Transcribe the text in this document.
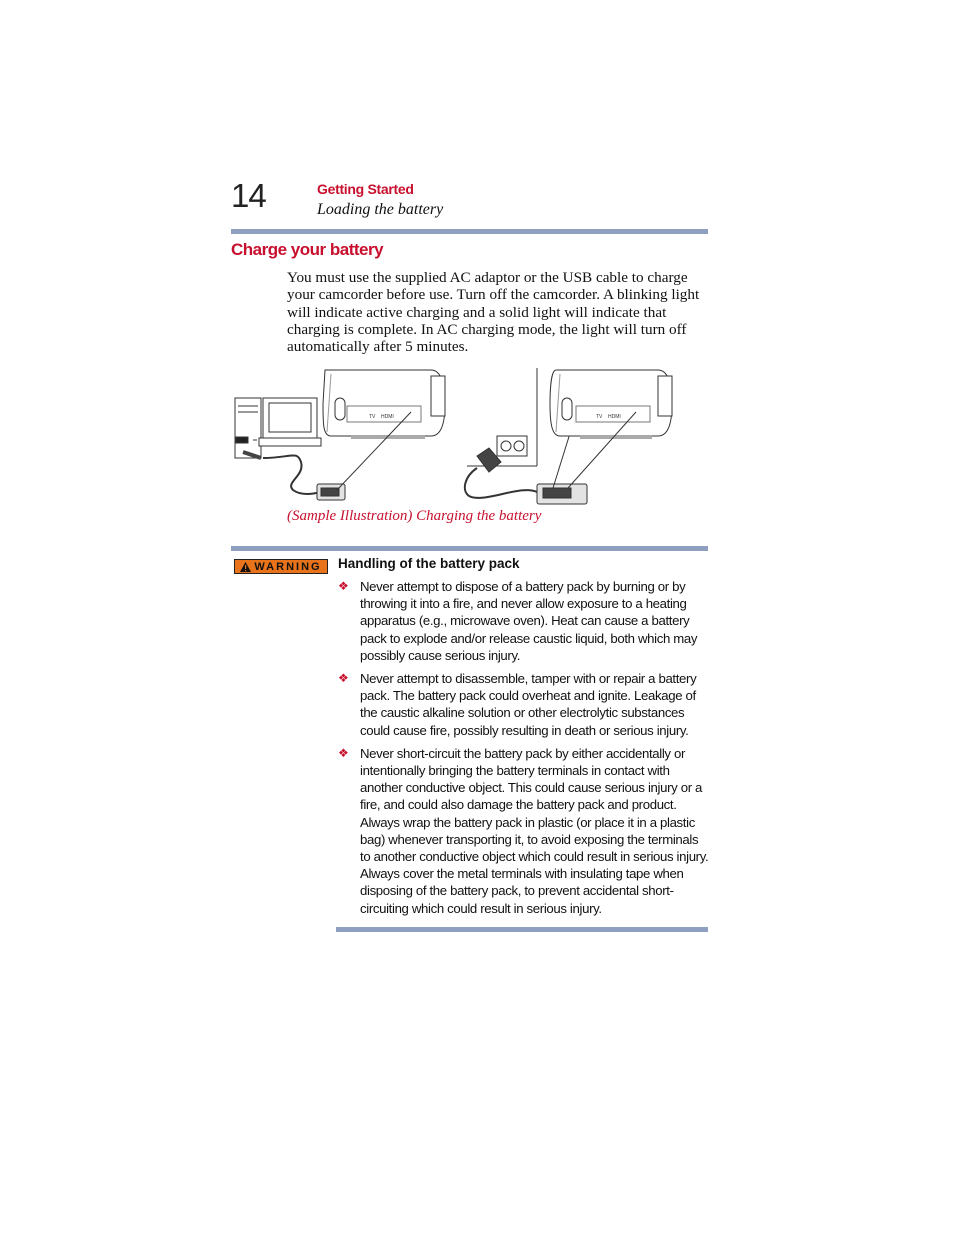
14	Getting Started
Loading the battery
Charge your battery
You must use the supplied AC adaptor or the USB cable to charge
your camcorder before use. Turn off the camcorder. A blinking light
will indicate active charging and a solid light will indicate that
charging is complete. In AC charging mode, the light will turn off
automatically after 5 minutes.
TV HDMI	TV HDMI
(Sample Illustration) Charging the battery
WARNING Handling of the battery pack
❖ Never attempt to dispose of a battery pack by burning or by throwing it into a fire, and never allow exposure to a heating apparatus (e.g., microwave oven). Heat can cause a battery pack to explode and/or release caustic liquid, both which may possibly cause serious injury.
❖ Never attempt to disassemble, tamper with or repair a battery pack. The battery pack could overheat and ignite. Leakage of the caustic alkaline solution or other electrolytic substances could cause fire, possibly resulting in death or serious injury.
❖ Never short-circuit the battery pack by either accidentally or intentionally bringing the battery terminals in contact with another conductive object. This could cause serious injury or a fire, and could also damage the battery pack and product. Always wrap the battery pack in plastic (or place it in a plastic bag) whenever transporting it, to avoid exposing the terminals to another conductive object which could result in serious injury. Always cover the metal terminals with insulating tape when disposing of the battery pack, to prevent accidental short-circuiting which could result in serious injury.
